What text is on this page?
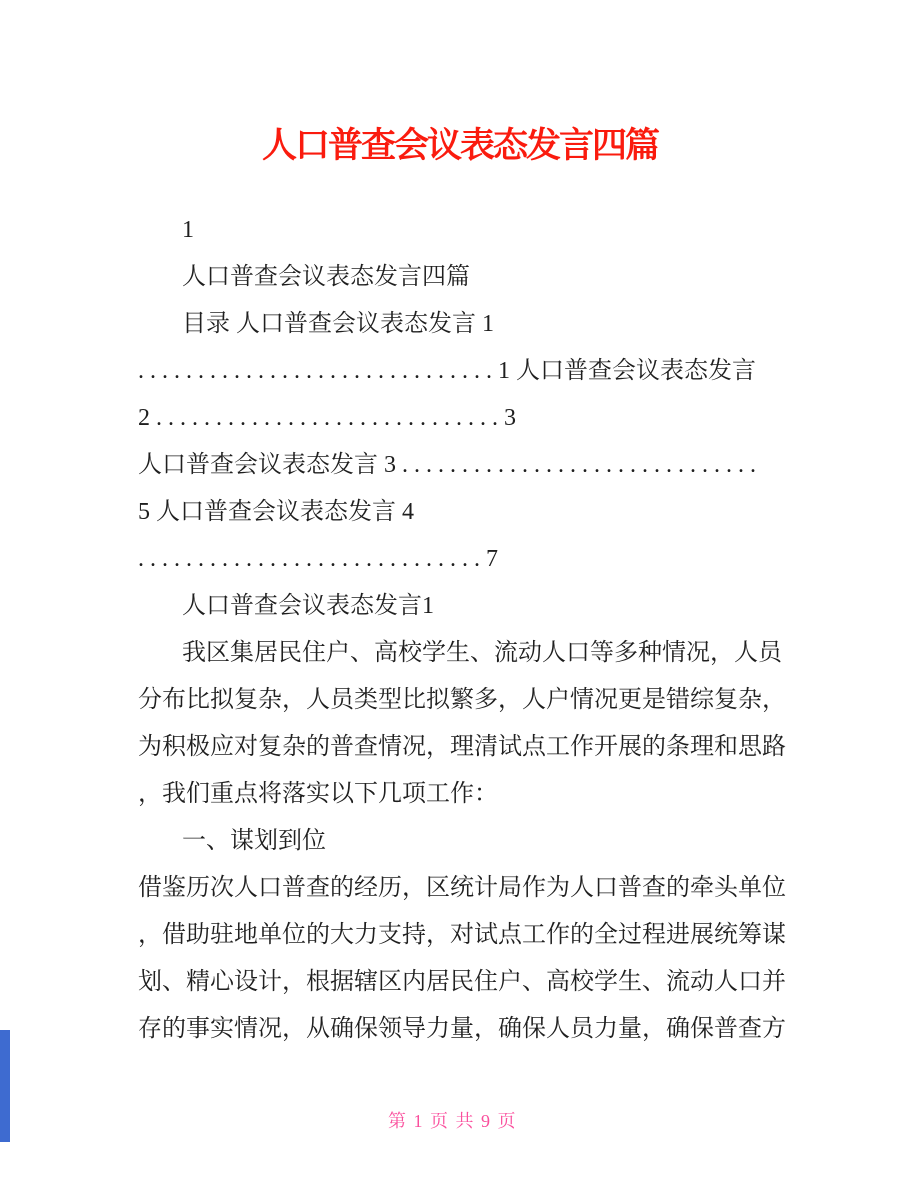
人口普查会议表态发言四篇
1
人口普查会议表态发言四篇
目录 人口普查会议表态发言 1
. . . . . . . . . . . . . . . . . . . . . . . . . . . . . . 1 人口普查会议表态发言
2 . . . . . . . . . . . . . . . . . . . . . . . . . . . . . 3
人口普查会议表态发言 3 . . . . . . . . . . . . . . . . . . . . . . . . . . . . . .
5 人口普查会议表态发言 4
. . . . . . . . . . . . . . . . . . . . . . . . . . . . . 7
人口普查会议表态发言1
我区集居民住户、高校学生、流动人口等多种情况，人员
分布比拟复杂，人员类型比拟繁多，人户情况更是错综复杂，
为积极应对复杂的普查情况，理清试点工作开展的条理和思路
，我们重点将落实以下几项工作：
一、谋划到位
借鉴历次人口普查的经历，区统计局作为人口普查的牵头单位
，借助驻地单位的大力支持，对试点工作的全过程进展统筹谋
划、精心设计，根据辖区内居民住户、高校学生、流动人口并
存的事实情况，从确保领导力量，确保人员力量，确保普查方
第 1 页 共 9 页
